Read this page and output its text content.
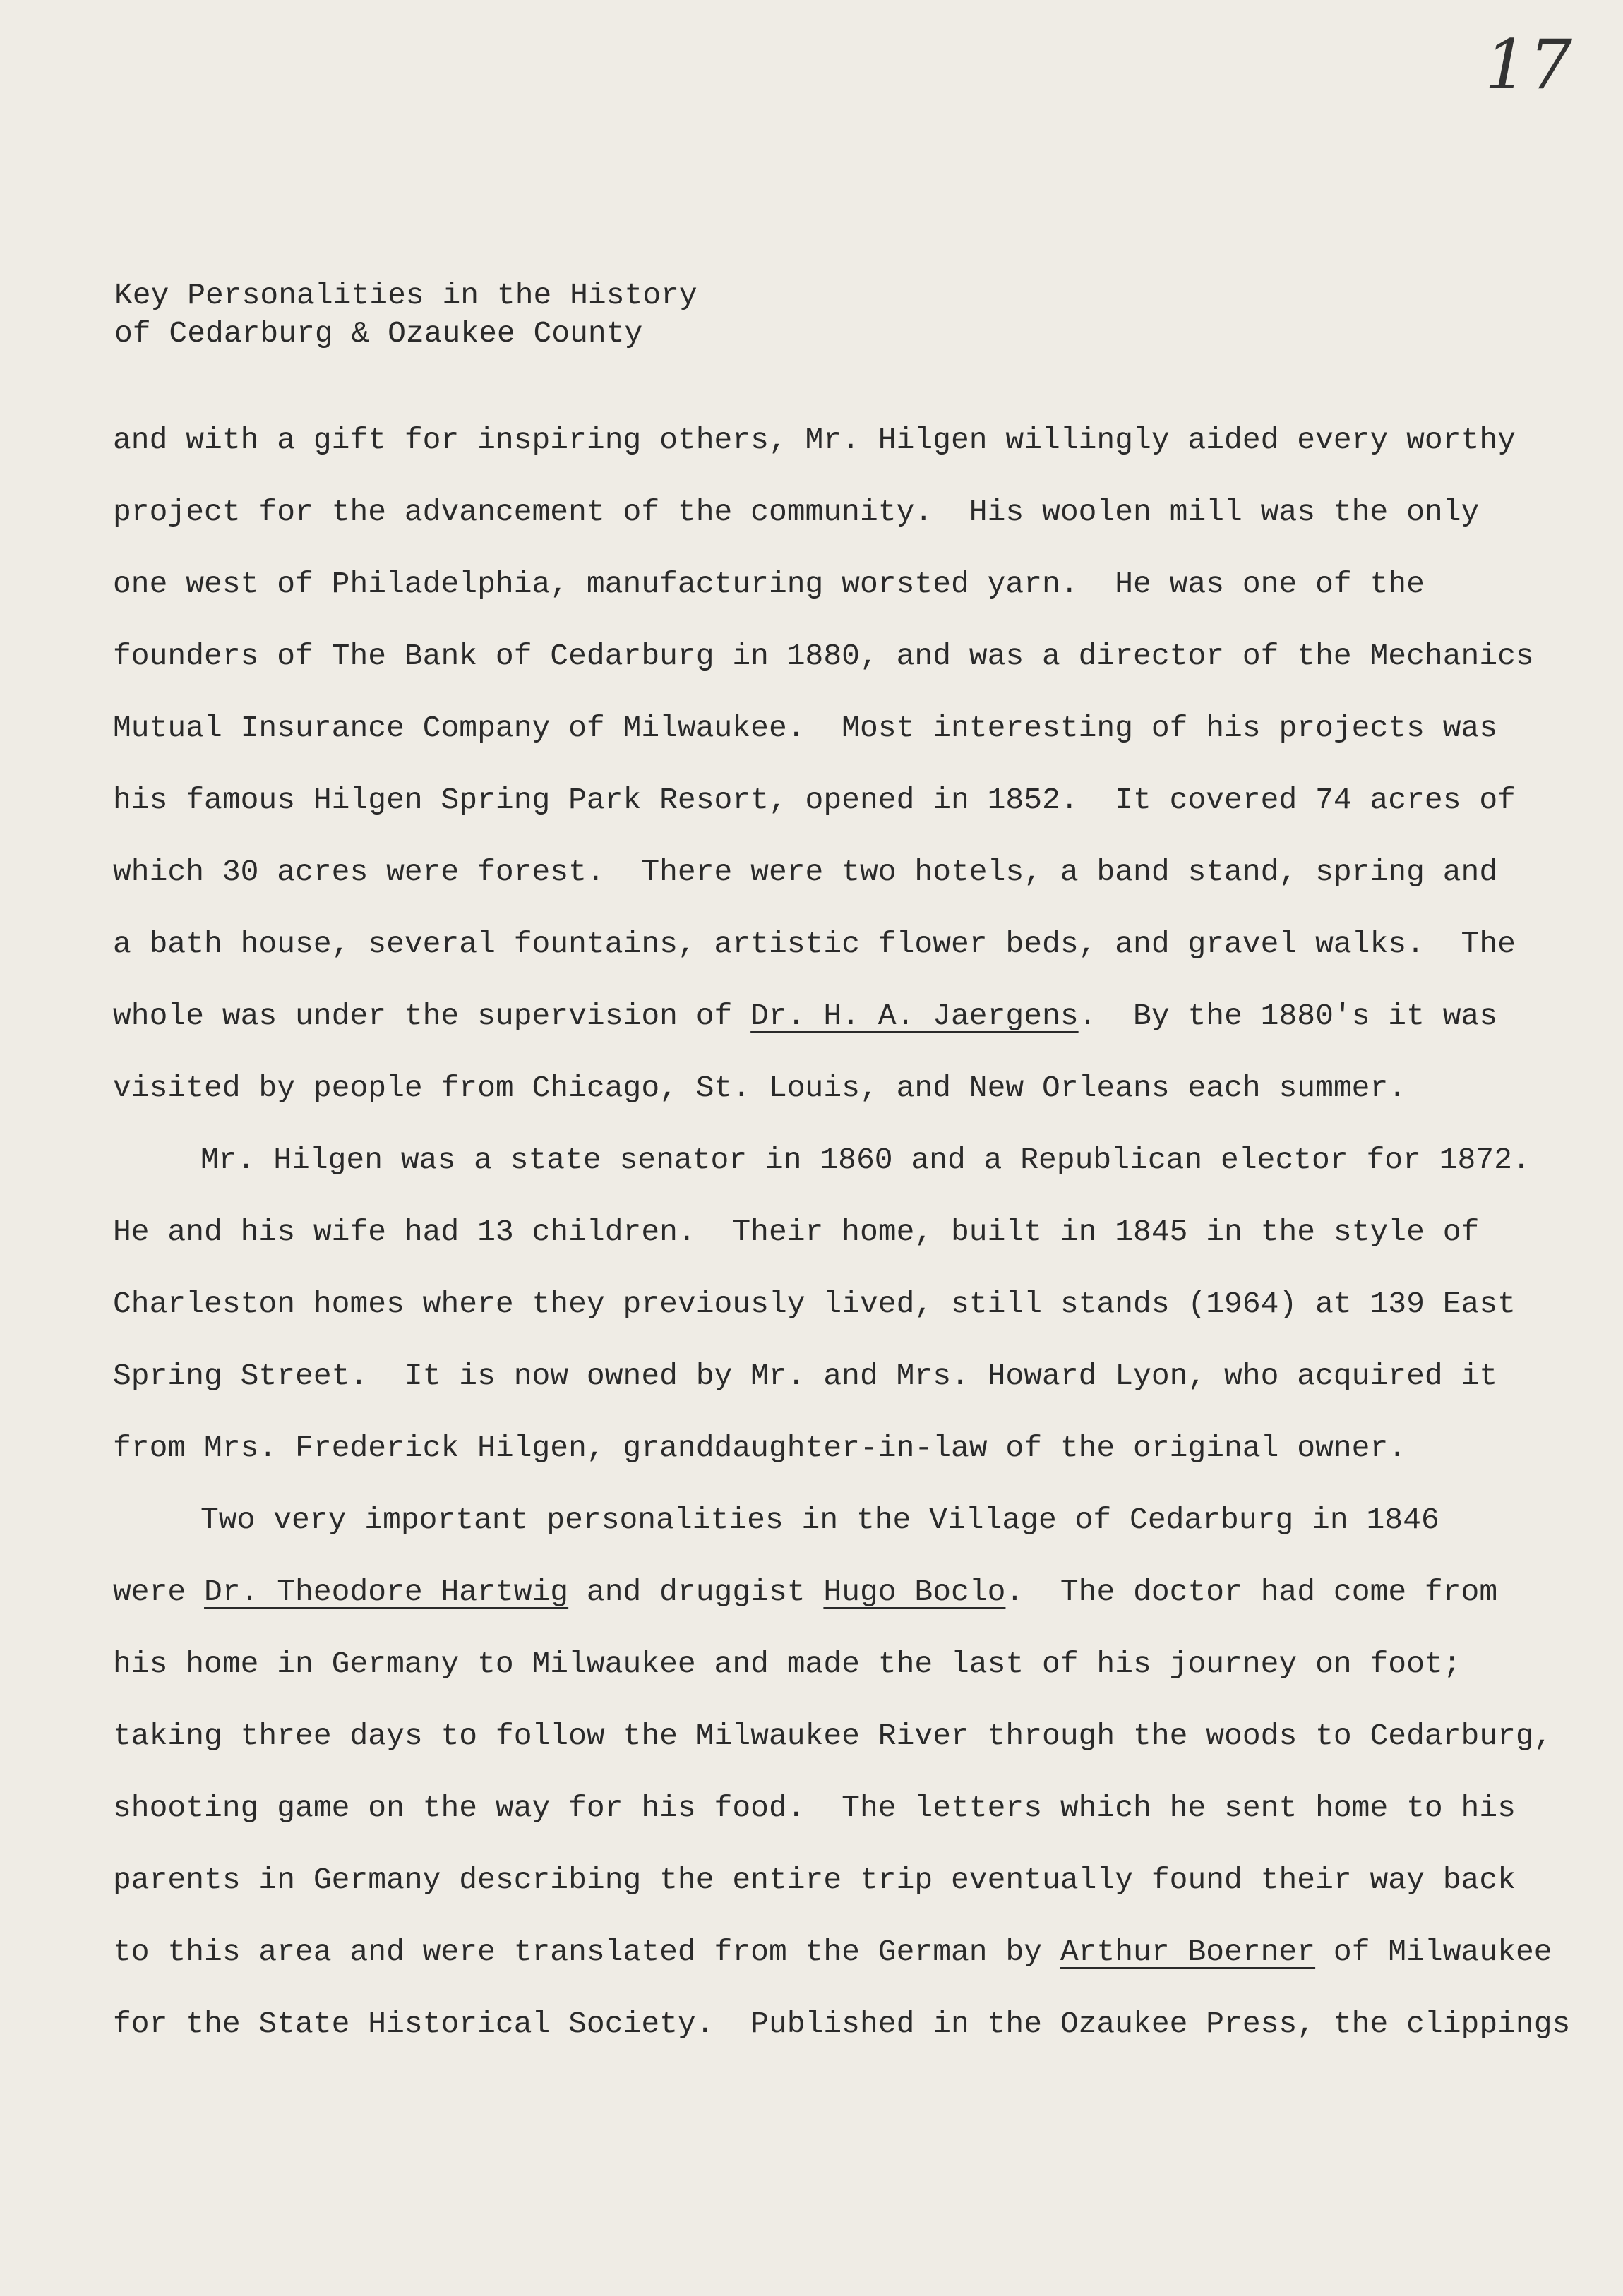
17
Key Personalities in the History
of Cedarburg & Ozaukee County
and with a gift for inspiring others, Mr. Hilgen willingly aided every worthy
project for the advancement of the community.  His woolen mill was the only
one west of Philadelphia, manufacturing worsted yarn.  He was one of the
founders of The Bank of Cedarburg in 1880, and was a director of the Mechanics
Mutual Insurance Company of Milwaukee.  Most interesting of his projects was
his famous Hilgen Spring Park Resort, opened in 1852.  It covered 74 acres of
which 30 acres were forest.  There were two hotels, a band stand, spring and
a bath house, several fountains, artistic flower beds, and gravel walks.  The
whole was under the supervision of Dr. H. A. Jaergens.  By the 1880's it was
visited by people from Chicago, St. Louis, and New Orleans each summer.
Mr. Hilgen was a state senator in 1860 and a Republican elector for 1872.
He and his wife had 13 children.  Their home, built in 1845 in the style of
Charleston homes where they previously lived, still stands (1964) at 139 East
Spring Street.  It is now owned by Mr. and Mrs. Howard Lyon, who acquired it
from Mrs. Frederick Hilgen, granddaughter-in-law of the original owner.
Two very important personalities in the Village of Cedarburg in 1846
were Dr. Theodore Hartwig and druggist Hugo Boclo.  The doctor had come from
his home in Germany to Milwaukee and made the last of his journey on foot;
taking three days to follow the Milwaukee River through the woods to Cedarburg,
shooting game on the way for his food.  The letters which he sent home to his
parents in Germany describing the entire trip eventually found their way back
to this area and were translated from the German by Arthur Boerner of Milwaukee
for the State Historical Society.  Published in the Ozaukee Press, the clippings
